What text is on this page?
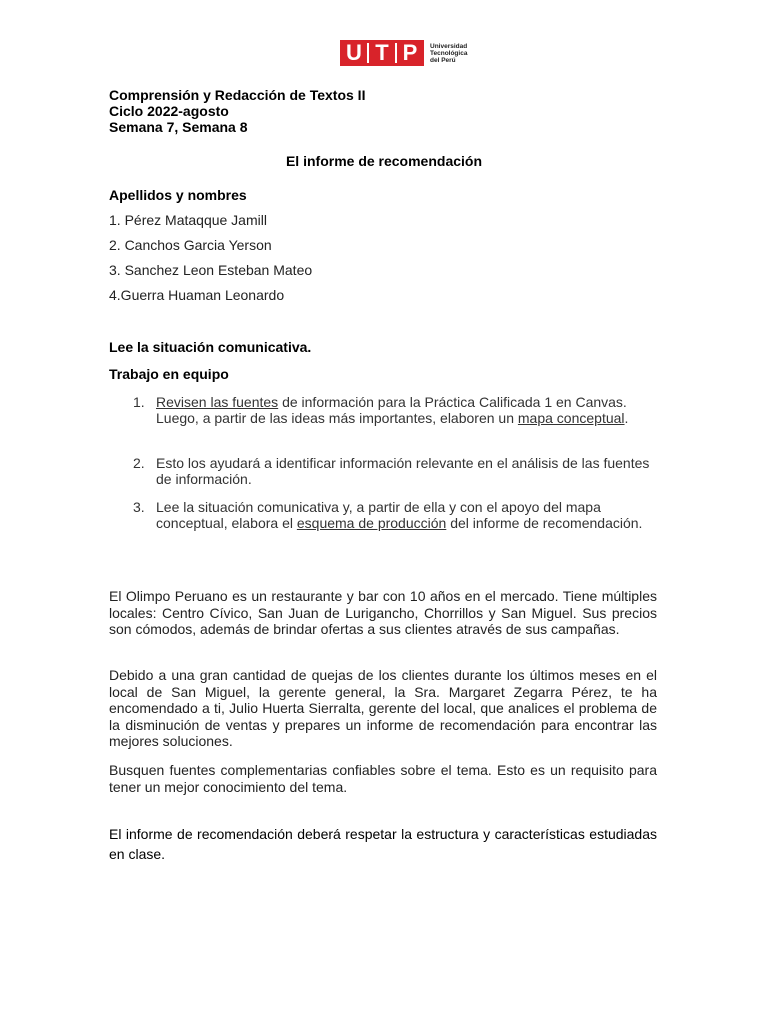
U T P	Universidad
Tecnológica
del Perú
Comprensión y Redacción de Textos II
Ciclo 2022-agosto
Semana 7, Semana 8
El informe de recomendación
Apellidos y nombres
1. Pérez Mataqque Jamill
2. Canchos Garcia Yerson
3. Sanchez Leon Esteban Mateo
4.Guerra Huaman Leonardo
Lee la situación comunicativa.
Trabajo en equipo
1. Revisen las fuentes de información para la Práctica Calificada 1 en Canvas. Luego, a partir de las ideas más importantes, elaboren un mapa conceptual.
2. Esto los ayudará a identificar información relevante en el análisis de las fuentes de información.
3. Lee la situación comunicativa y, a partir de ella y con el apoyo del mapa conceptual, elabora el esquema de producción del informe de recomendación.
El Olimpo Peruano es un restaurante y bar con 10 años en el mercado. Tiene múltiples locales: Centro Cívico, San Juan de Lurigancho, Chorrillos y San Miguel. Sus precios son cómodos, además de brindar ofertas a sus clientes através de sus campañas.
Debido a una gran cantidad de quejas de los clientes durante los últimos meses en el local de San Miguel, la gerente general, la Sra. Margaret Zegarra Pérez, te ha encomendado a ti, Julio Huerta Sierralta, gerente del local, que analices el problema de la disminución de ventas y prepares un informe de recomendación para encontrar las mejores soluciones.
Busquen fuentes complementarias confiables sobre el tema. Esto es un requisito para tener un mejor conocimiento del tema.
El informe de recomendación deberá respetar la estructura y características estudiadas en clase.
